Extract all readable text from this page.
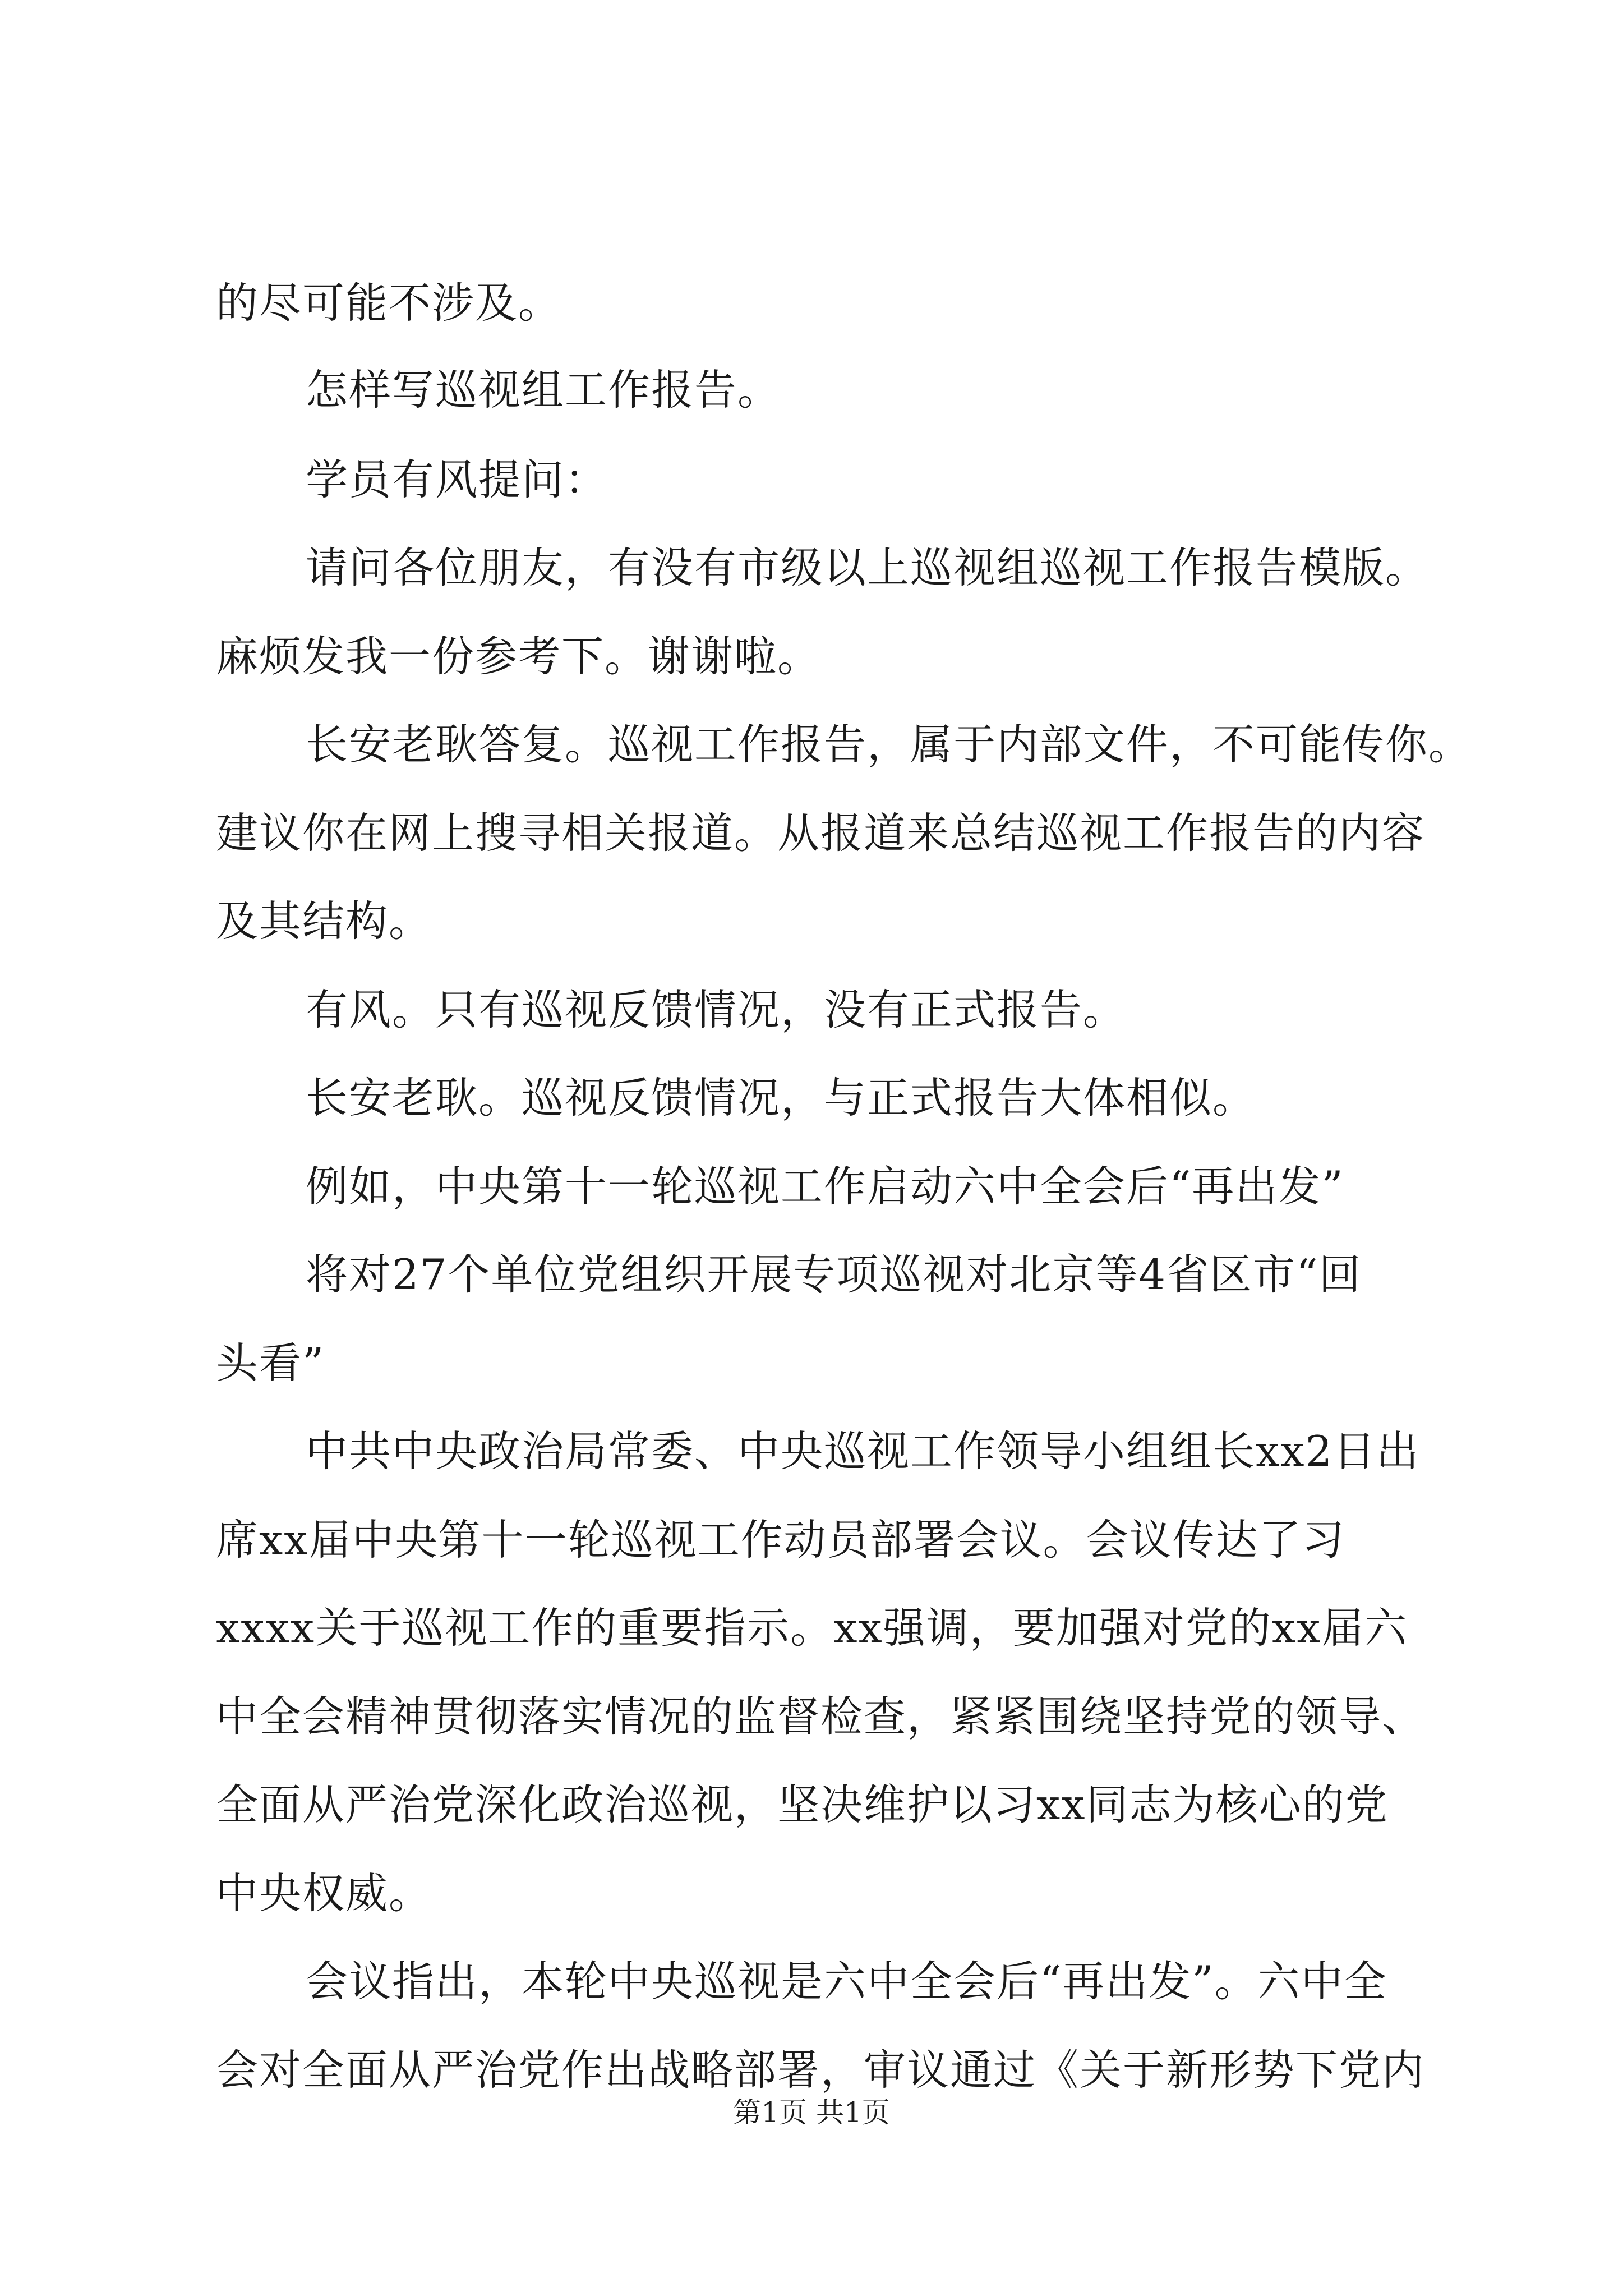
的尽可能不涉及。
怎样写巡视组工作报告。
学员有风提问：
请问各位朋友，有没有市级以上巡视组巡视工作报告模版。
麻烦发我一份参考下。谢谢啦。
长安老耿答复。巡视工作报告，属于内部文件，不可能传你。
建议你在网上搜寻相关报道。从报道来总结巡视工作报告的内容
及其结构。
有风。只有巡视反馈情况，没有正式报告。
长安老耿。巡视反馈情况，与正式报告大体相似。
例如，中央第十一轮巡视工作启动六中全会后“再出发”
将对27个单位党组织开展专项巡视对北京等4省区市“回
头看”
中共中央政治局常委、中央巡视工作领导小组组长xx2日出
席xx届中央第十一轮巡视工作动员部署会议。会议传达了习
xxxx关于巡视工作的重要指示。xx强调，要加强对党的xx届六
中全会精神贯彻落实情况的监督检查，紧紧围绕坚持党的领导、
全面从严治党深化政治巡视，坚决维护以习xx同志为核心的党
中央权威。
会议指出，本轮中央巡视是六中全会后“再出发”。六中全
会对全面从严治党作出战略部署，审议通过《关于新形势下党内
第1页 共1页
